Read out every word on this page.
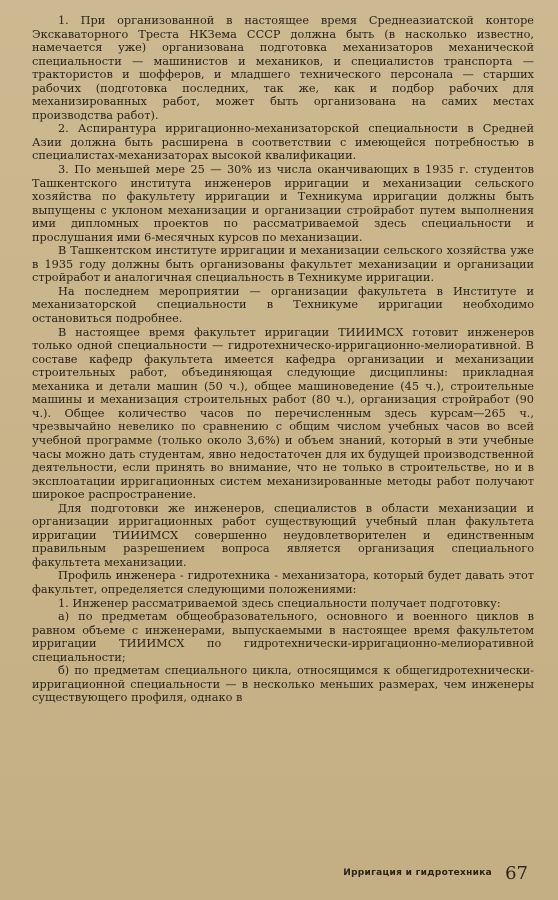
1. При организованной в настоящее время Среднеазиатской конторе Экскаваторного Треста НКЗема СССР должна быть (в насколько известно, намечается уже) организована подготовка механизаторов механической специальности — машинистов и механиков, и специалистов транспорта — трактористов и шофферов, и младшего технического персонала — старших рабочих (подготовка последних, так же, как и подбор рабочих для механизированных работ, может быть организована на самих местах производства работ).

2. Аспирантура ирригационно-механизаторской специальности в Средней Азии должна быть расширена в соответствии с имеющейся потребностью в специалистах-механизаторах высокой квалификации.

3. По меньшей мере 25 — 30% из числа оканчивающих в 1935 г. студентов Ташкентского института инженеров ирригации и механизации сельского хозяйства по факультету ирригации и Техникума ирригации должны быть выпущены с уклоном механизации и организации стройработ путем выполнения ими дипломных проектов по рассматриваемой здесь специальности и прослушания ими 6-месячных курсов по механизации.

В Ташкентском институте ирригации и механизации сельского хозяйства уже в 1935 году должны быть организованы факультет механизации и организации стройработ и аналогичная специальность в Техникуме ирригации.

На последнем мероприятии — организации факультета в Институте и механизаторской специальности в Техникуме ирригации необходимо остановиться подробнее.

В настоящее время факультет ирригации ТИИИМСХ готовит инженеров только одной специальности — гидротехническо-ирригационно-мелиоративной. В составе кафедр факультета имеется кафедра организации и механизации строительных работ, объединяющая следующие дисциплины: прикладная механика и детали машин (50 ч.), общее машиноведение (45 ч.), строительные машины и механизация строительных работ (80 ч.), организация стройработ (90 ч.). Общее количество часов по перечисленным здесь курсам—265 ч., чрезвычайно невелико по сравнению с общим числом учебных часов во всей учебной программе (только около 3,6%) и объем знаний, который в эти учебные часы можно дать студентам, явно недостаточен для их будущей производственной деятельности, если принять во внимание, что не только в строительстве, но и в эксплоатации ирригационных систем механизированные методы работ получают широкое распространение.

Для подготовки же инженеров, специалистов в области механизации и организации ирригационных работ существующий учебный план факультета ирригации ТИИИМСХ совершенно неудовлетворителен и единственным правильным разрешением вопроса является организация специального факультета механизации.

Профиль инженера - гидротехника - механизатора, который будет давать этот факультет, определяется следующими положениями:

1. Инженер рассматриваемой здесь специальности получает подготовку:

а) по предметам общеобразовательного, основного и военного циклов в равном объеме с инженерами, выпускаемыми в настоящее время факультетом ирригации ТИИИМСХ по гидротехнически-ирригационно-мелиоративной специальности;

б) по предметам специального цикла, относящимся к общегидротехнически-ирригационной специальности — в несколько меньших размерах, чем инженеры существующего профиля, однако в

Ирригация и гидротехника 67
